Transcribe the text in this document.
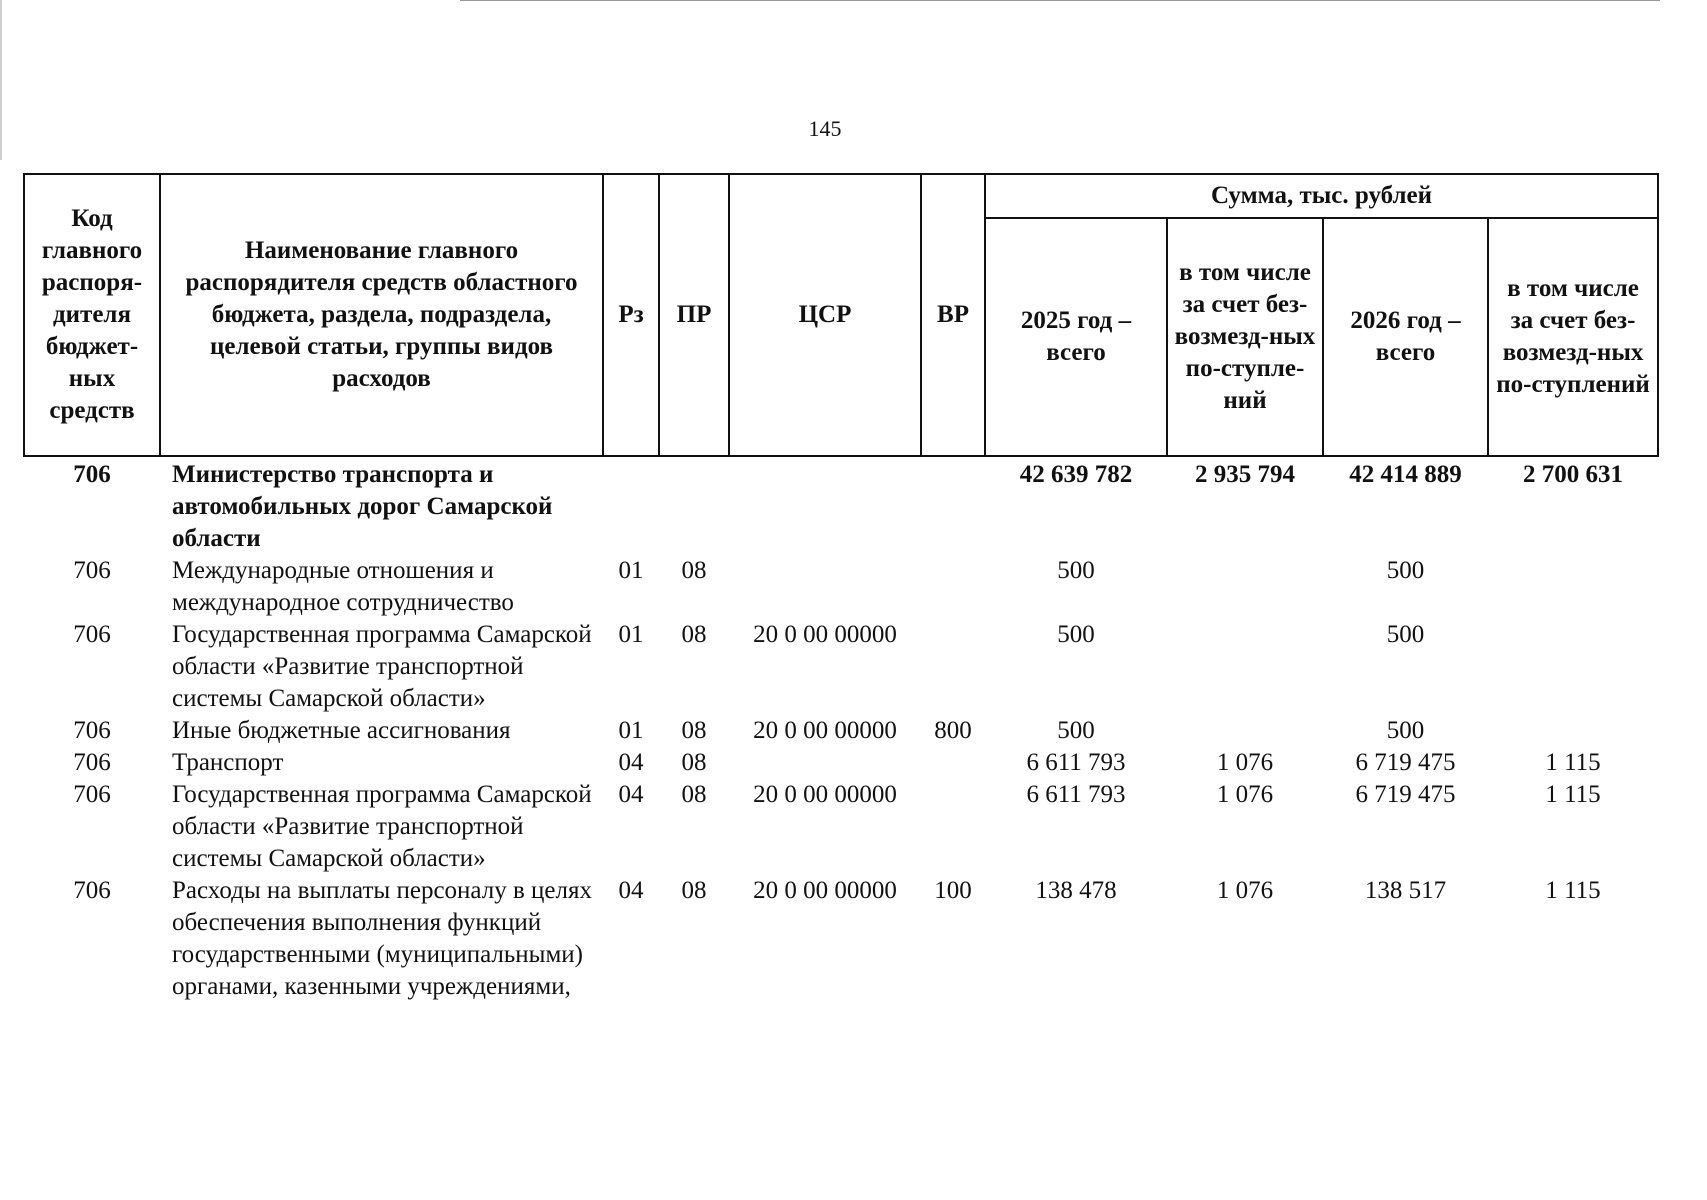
145
Код главного распоря-дителя бюджет-ных средств	Наименование главного распорядителя средств областного бюджета, раздела, подраздела, целевой статьи, группы видов расходов	Рз	ПР	ЦСР	ВР	Сумма, тыс. рублей			
						2025 год – всего	в том числе за счет без-возмезд-ных по-ступле-ний	2026 год – всего	в том числе за счет без-возмезд-ных по-ступлений
706	Министерство транспорта и автомобильных дорог Самарской области					42 639 782	2 935 794	42 414 889	2 700 631
706	Международные отношения и международное сотрудничество	01	08			500		500	
706	Государственная программа Самарской области «Развитие транспортной системы Самарской области»	01	08	20 0 00 00000		500		500	
706	Иные бюджетные ассигнования	01	08	20 0 00 00000	800	500		500	
706	Транспорт	04	08			6 611 793	1 076	6 719 475	1 115
706	Государственная программа Самарской области «Развитие транспортной системы Самарской области»	04	08	20 0 00 00000		6 611 793	1 076	6 719 475	1 115
706	Расходы на выплаты персоналу в целях обеспечения выполнения функций государственными (муниципальными) органами, казенными учреждениями,	04	08	20 0 00 00000	100	138 478	1 076	138 517	1 115
